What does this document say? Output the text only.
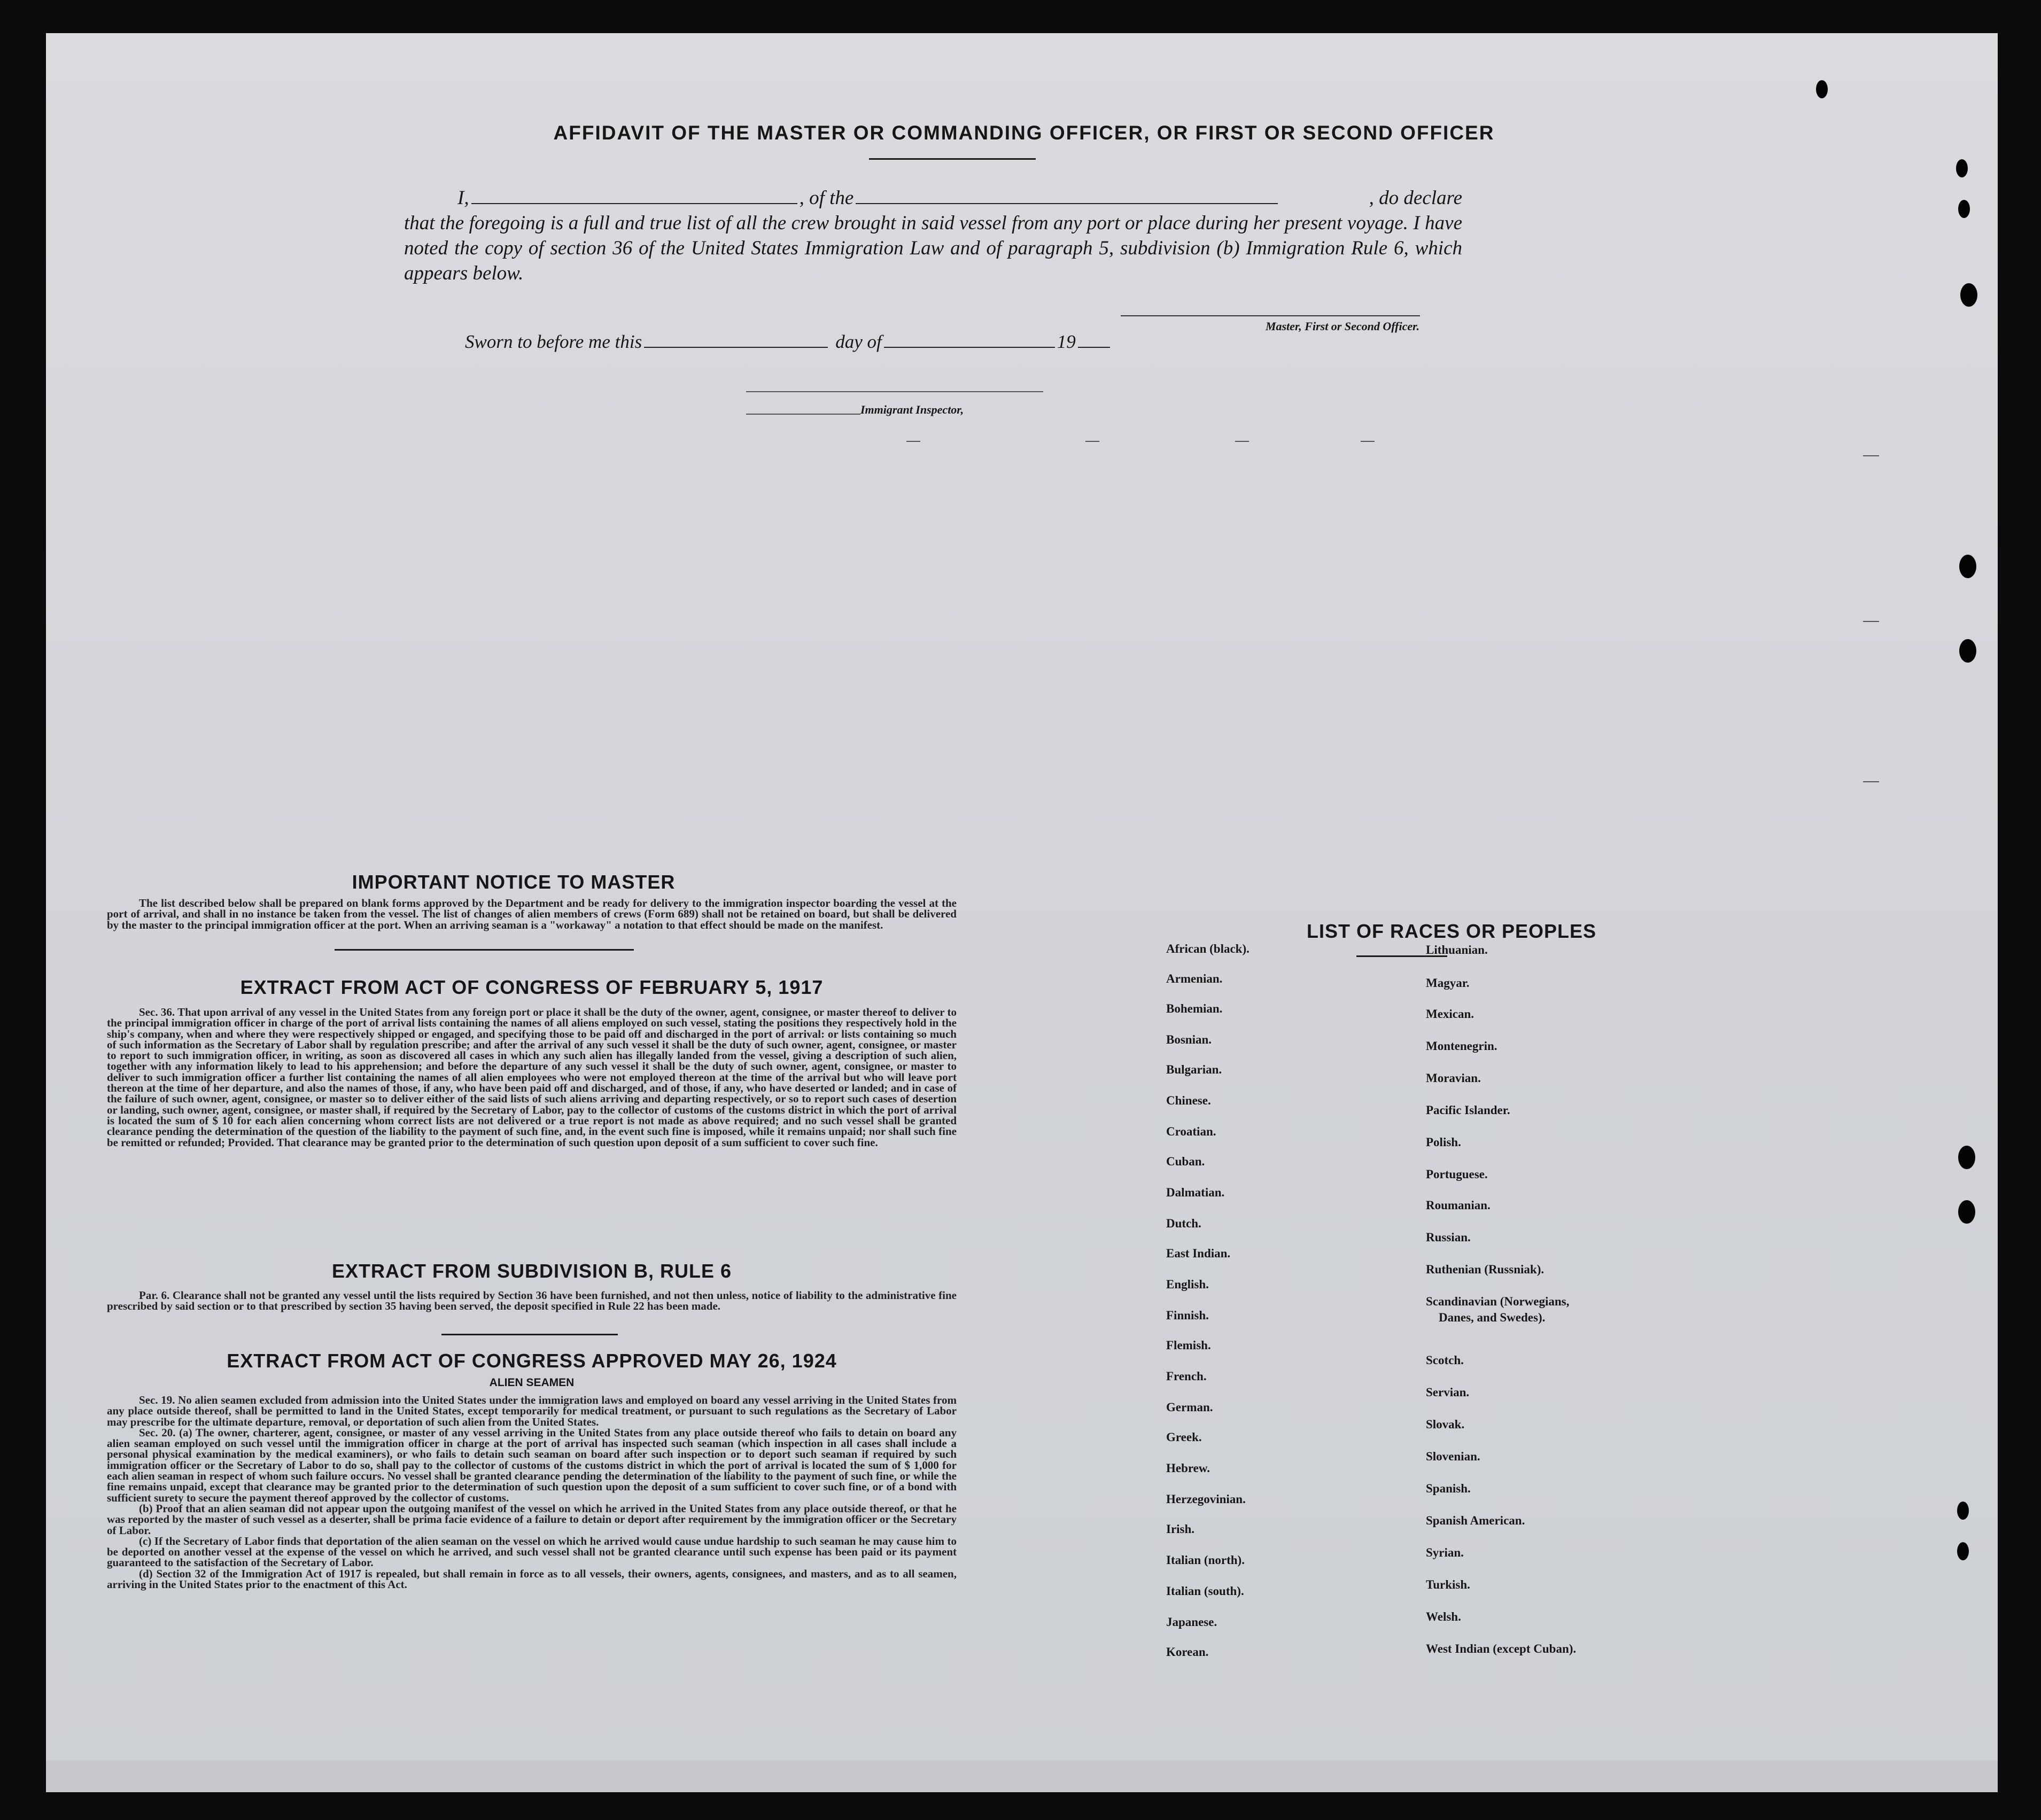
AFFIDAVIT OF THE MASTER OR COMMANDING OFFICER, OR FIRST OR SECOND OFFICER
I,	, of the	, do declare
that the foregoing is a full and true list of all the crew brought in said vessel from any port or place during her present voyage. I have noted the copy of section 36 of the United States Immigration Law and of paragraph 5, subdivision (b) Immigration Rule 6, which appears below.
Master, First or Second Officer.
Sworn to before me this	day of	19
Immigrant Inspector,
IMPORTANT NOTICE TO MASTER

The list described below shall be prepared on blank forms approved by the Department and be ready for delivery to the immigration inspector boarding the vessel at the port of arrival, and shall in no instance be taken from the vessel. The list of changes of alien members of crews (Form 689) shall not be retained on board, but shall be delivered by the master to the principal immigration officer at the port. When an arriving seaman is a "workaway" a notation to that effect should be made on the manifest.

EXTRACT FROM ACT OF CONGRESS OF FEBRUARY 5, 1917

Sec. 36. That upon arrival of any vessel in the United States from any foreign port or place it shall be the duty of the owner, agent, consignee, or master thereof to deliver to the principal immigration officer in charge of the port of arrival lists containing the names of all aliens employed on such vessel, stating the positions they respectively hold in the ship's company, when and where they were respectively shipped or engaged, and specifying those to be paid off and discharged in the port of arrival: or lists containing so much of such information as the Secretary of Labor shall by regulation prescribe; and after the arrival of any such vessel it shall be the duty of such owner, agent, consignee, or master to report to such immigration officer, in writing, as soon as discovered all cases in which any such alien has illegally landed from the vessel, giving a description of such alien, together with any information likely to lead to his apprehension; and before the departure of any such vessel it shall be the duty of such owner, agent, consignee, or master to deliver to such immigration officer a further list containing the names of all alien employees who were not employed thereon at the time of the arrival but who will leave port thereon at the time of her departure, and also the names of those, if any, who have been paid off and discharged, and of those, if any, who have deserted or landed; and in case of the failure of such owner, agent, consignee, or master so to deliver either of the said lists of such aliens arriving and departing respectively, or so to report such cases of desertion or landing, such owner, agent, consignee, or master shall, if required by the Secretary of Labor, pay to the collector of customs of the customs district in which the port of arrival is located the sum of $ 10 for each alien concerning whom correct lists are not delivered or a true report is not made as above required; and no such vessel shall be granted clearance pending the determination of the question of the liability to the payment of such fine, and, in the event such fine is imposed, while it remains unpaid; nor shall such fine be remitted or refunded; Provided. That clearance may be granted prior to the determination of such question upon deposit of a sum sufficient to cover such fine.

EXTRACT FROM SUBDIVISION B, RULE 6

Par. 6. Clearance shall not be granted any vessel until the lists required by Section 36 have been furnished, and not then unless, notice of liability to the administrative fine prescribed by said section or to that prescribed by section 35 having been served, the deposit specified in Rule 22 has been made.

EXTRACT FROM ACT OF CONGRESS APPROVED MAY 26, 1924
ALIEN SEAMEN

Sec. 19. No alien seamen excluded from admission into the United States under the immigration laws and employed on board any vessel arriving in the United States from any place outside thereof, shall be permitted to land in the United States, except temporarily for medical treatment, or pursuant to such regulations as the Secretary of Labor may prescribe for the ultimate departure, removal, or deportation of such alien from the United States.

Sec. 20. (a) The owner, charterer, agent, consignee, or master of any vessel arriving in the United States from any place outside thereof who fails to detain on board any alien seaman employed on such vessel until the immigration officer in charge at the port of arrival has inspected such seaman (which inspection in all cases shall include a personal physical examination by the medical examiners), or who fails to detain such seaman on board after such inspection or to deport such seaman if required by such immigration officer or the Secretary of Labor to do so, shall pay to the collector of customs of the customs district in which the port of arrival is located the sum of $ 1,000 for each alien seaman in respect of whom such failure occurs. No vessel shall be granted clearance pending the determination of the liability to the payment of such fine, or while the fine remains unpaid, except that clearance may be granted prior to the determination of such question upon the deposit of a sum sufficient to cover such fine, or of a bond with sufficient surety to secure the payment thereof approved by the collector of customs.

(b) Proof that an alien seaman did not appear upon the outgoing manifest of the vessel on which he arrived in the United States from any place outside thereof, or that he was reported by the master of such vessel as a deserter, shall be prima facie evidence of a failure to detain or deport after requirement by the immigration officer or the Secretary of Labor.

(c) If the Secretary of Labor finds that deportation of the alien seaman on the vessel on which he arrived would cause undue hardship to such seaman he may cause him to be deported on another vessel at the expense of the vessel on which he arrived, and such vessel shall not be granted clearance until such expense has been paid or its payment guaranteed to the satisfaction of the Secretary of Labor.

(d) Section 32 of the Immigration Act of 1917 is repealed, but shall remain in force as to all vessels, their owners, agents, consignees, and masters, and as to all seamen, arriving in the United States prior to the enactment of this Act.

LIST OF RACES OR PEOPLES
African (black).
Armenian.
Bohemian.
Bosnian.
Bulgarian.
Chinese.
Croatian.
Cuban.
Dalmatian.
Dutch.
East Indian.
English.
Finnish.
Flemish.
French.
German.
Greek.
Hebrew.
Herzegovinian.
Irish.
Italian (north).
Italian (south).
Japanese.
Korean.
Lithuanian.
Magyar.
Mexican.
Montenegrin.
Moravian.
Pacific Islander.
Polish.
Portuguese.
Roumanian.
Russian.
Ruthenian (Russniak).
Scandinavian (Norwegians,
Danes, and Swedes).
Scotch.
Servian.
Slovak.
Slovenian.
Spanish.
Spanish American.
Syrian.
Turkish.
Welsh.
West Indian (except Cuban).
